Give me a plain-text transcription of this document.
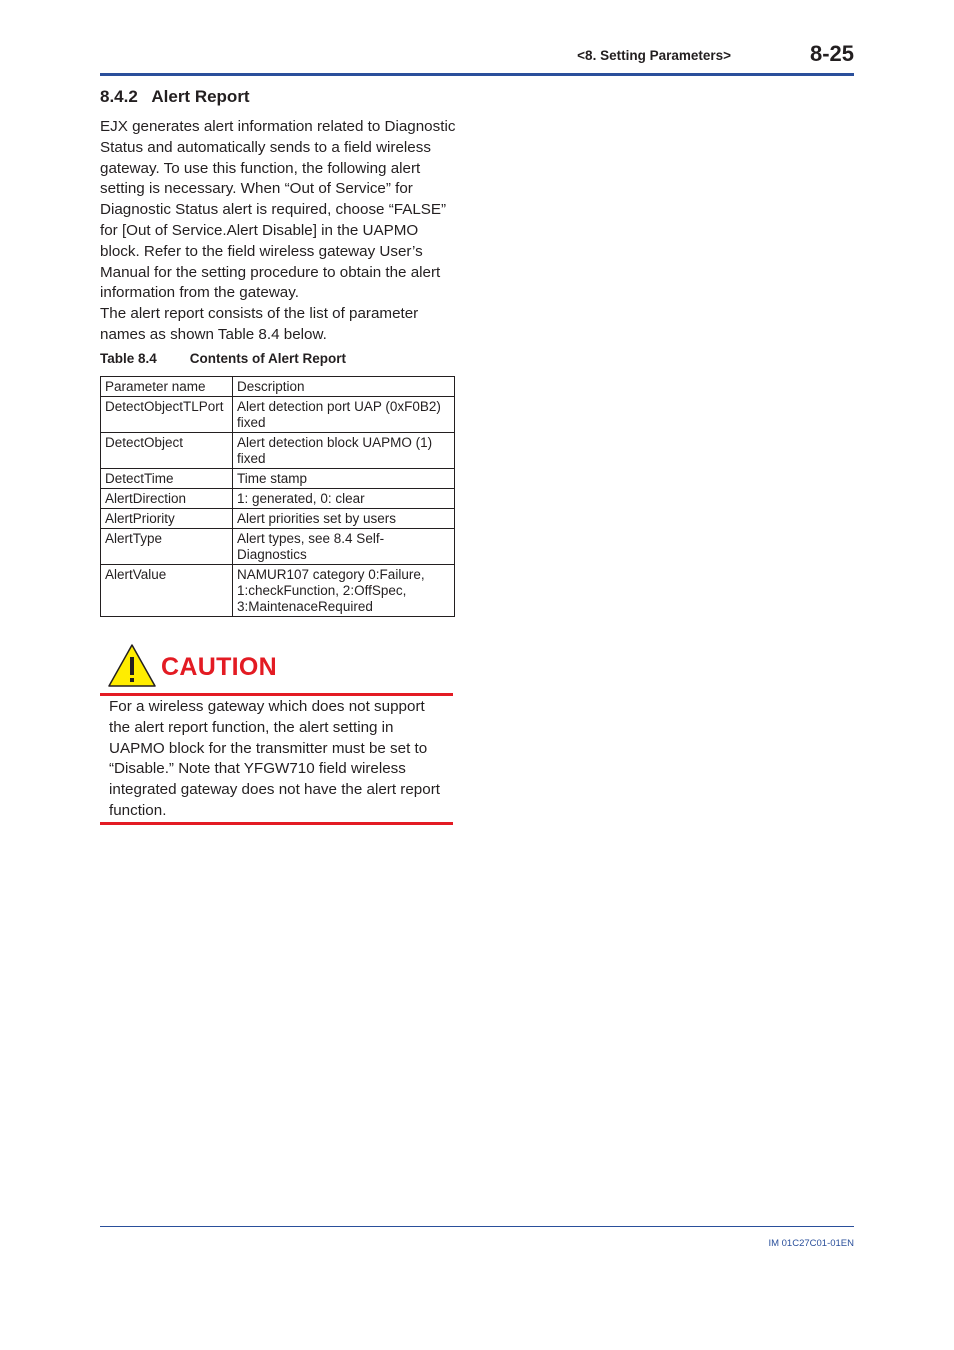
<8. Setting Parameters>	8-25
8.4.2 Alert Report

EJX generates alert information related to Diagnostic Status and automatically sends to a field wireless gateway. To use this function, the following alert setting is necessary. When “Out of Service” for Diagnostic Status alert is required, choose “FALSE” for [Out of Service.Alert Disable] in the UAPMO block. Refer to the field wireless gateway User’s Manual for the setting procedure to obtain the alert information from the gateway.

The alert report consists of the list of parameter names as shown Table 8.4 below.

Table 8.4 Contents of Alert Report
Parameter name	Description
DetectObjectTLPort	Alert detection port UAP (0xF0B2) fixed
DetectObject	Alert detection block UAPMO (1) fixed
DetectTime	Time stamp
AlertDirection	1: generated, 0: clear
AlertPriority	Alert priorities set by users
AlertType	Alert types, see 8.4 Self-Diagnostics
AlertValue	NAMUR107 category 0:Failure, 1:checkFunction, 2:OffSpec, 3:MaintenaceRequired
CAUTION
For a wireless gateway which does not support the alert report function, the alert setting in UAPMO block for the transmitter must be set to “Disable.” Note that YFGW710 field wireless integrated gateway does not have the alert report function.
IM 01C27C01-01EN
